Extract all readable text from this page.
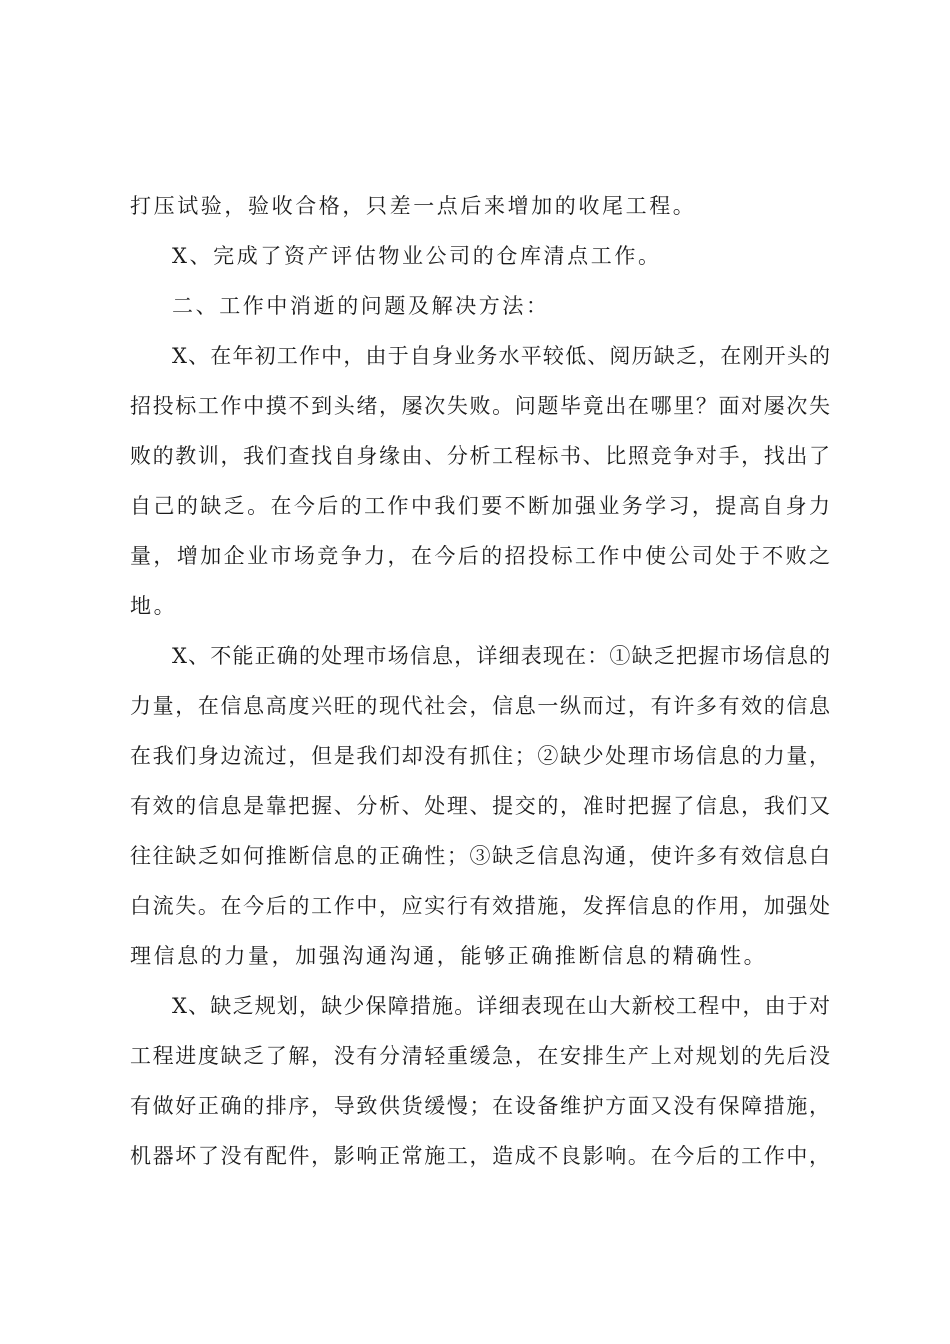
打压试验，验收合格，只差一点后来增加的收尾工程。
X、完成了资产评估物业公司的仓库清点工作。
二、工作中消逝的问题及解决方法：
X、在年初工作中，由于自身业务水平较低、阅历缺乏，在刚开头的
招投标工作中摸不到头绪，屡次失败。问题毕竟出在哪里？面对屡次失
败的教训，我们查找自身缘由、分析工程标书、比照竞争对手，找出了
自己的缺乏。在今后的工作中我们要不断加强业务学习，提高自身力
量，增加企业市场竞争力，在今后的招投标工作中使公司处于不败之
地。
X、不能正确的处理市场信息，详细表现在：①缺乏把握市场信息的
力量，在信息高度兴旺的现代社会，信息一纵而过，有许多有效的信息
在我们身边流过，但是我们却没有抓住；②缺少处理市场信息的力量，
有效的信息是靠把握、分析、处理、提交的，准时把握了信息，我们又
往往缺乏如何推断信息的正确性；③缺乏信息沟通，使许多有效信息白
白流失。在今后的工作中，应实行有效措施，发挥信息的作用，加强处
理信息的力量，加强沟通沟通，能够正确推断信息的精确性。
X、缺乏规划，缺少保障措施。详细表现在山大新校工程中，由于对
工程进度缺乏了解，没有分清轻重缓急，在安排生产上对规划的先后没
有做好正确的排序，导致供货缓慢；在设备维护方面又没有保障措施，
机器坏了没有配件，影响正常施工，造成不良影响。在今后的工作中，
